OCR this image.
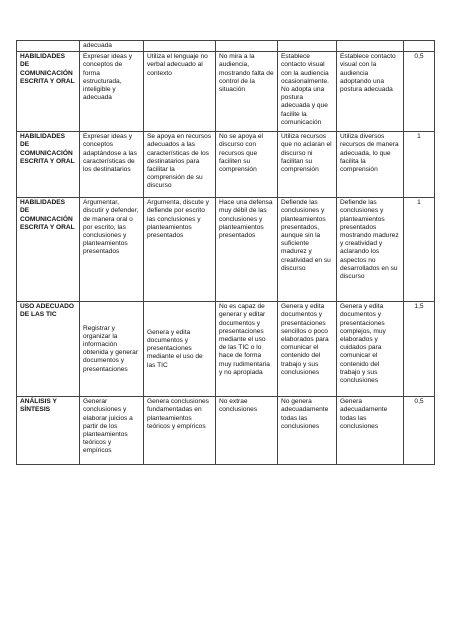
	adecuada					
HABILIDADES DE COMUNICACIÓN ESCRITA Y ORAL	Expresar ideas y conceptos de forma estructurada, inteligible y adecuada	Utiliza el lenguaje no verbal adecuado al contexto	No mira a la audiencia, mostrando falta de control de la situación	Establece contacto visual con la audiencia ocasionalmente. No adopta una postura adecuada y que facilite la comunicación	Establece contacto visual con la audiencia adoptando una postura adecuada	0,5
HABILIDADES DE COMUNICACIÓN ESCRITA Y ORAL	Expresar ideas y conceptos adaptándose a las características de los destinatarios	Se apoya en recursos adecuados a las características de los destinatarios para facilitar la comprensión de su discurso	No se apoya el discurso con recursos que faciliten su comprensión	Utiliza recursos que no aclaran el discurso ni facilitan su comprensión	Utiliza diversos recursos de manera adecuada, lo que facilita la comprensión	1
HABILIDADES DE COMUNICACIÓN ESCRITA Y ORAL	Argumentar, discutir y defender, de manera oral o por escrito, las conclusiones y planteamientos presentados	Argumenta, discute y defiende por escrito las conclusiones y planteamientos presentados	Hace una defensa muy débil de las conclusiones y planteamientos presentados	Defiende las conclusiones y planteamientos presentados, aunque sin la suficiente madurez y creatividad en su discurso	Defiende las conclusiones y planteamientos presentados mostrando madurez y creatividad y aclarando los aspectos no desarrollados en su discurso	1
USO ADECUADO DE LAS TIC	Registrar y organizar la información obtenida y generar documentos y presentaciones	Genera y edita documentos y presentaciones mediante el uso de las TIC	No es capaz de generar y editar documentos y presentaciones mediante el uso de las TIC o lo hace de forma muy rudimentaria y no apropiada	Genera y edita documentos y presentaciones sencillos o poco elaborados para comunicar el contenido del trabajo y sus conclusiones	Genera y edita documentos y presentaciones complejos, muy elaborados y cuidados para comunicar el contenido del trabajo y sus conclusiones	1,5
ANÁLISIS Y SÍNTESIS	Generar conclusiones y elaborar juicios a partir de los planteamientos teóricos y empíricos	Genera conclusiones fundamentadas en planteamientos teóricos y empíricos	No extrae conclusiones	No genera adecuadamente todas las conclusiones	Genera adecuadamente todas las conclusiones	0,5
